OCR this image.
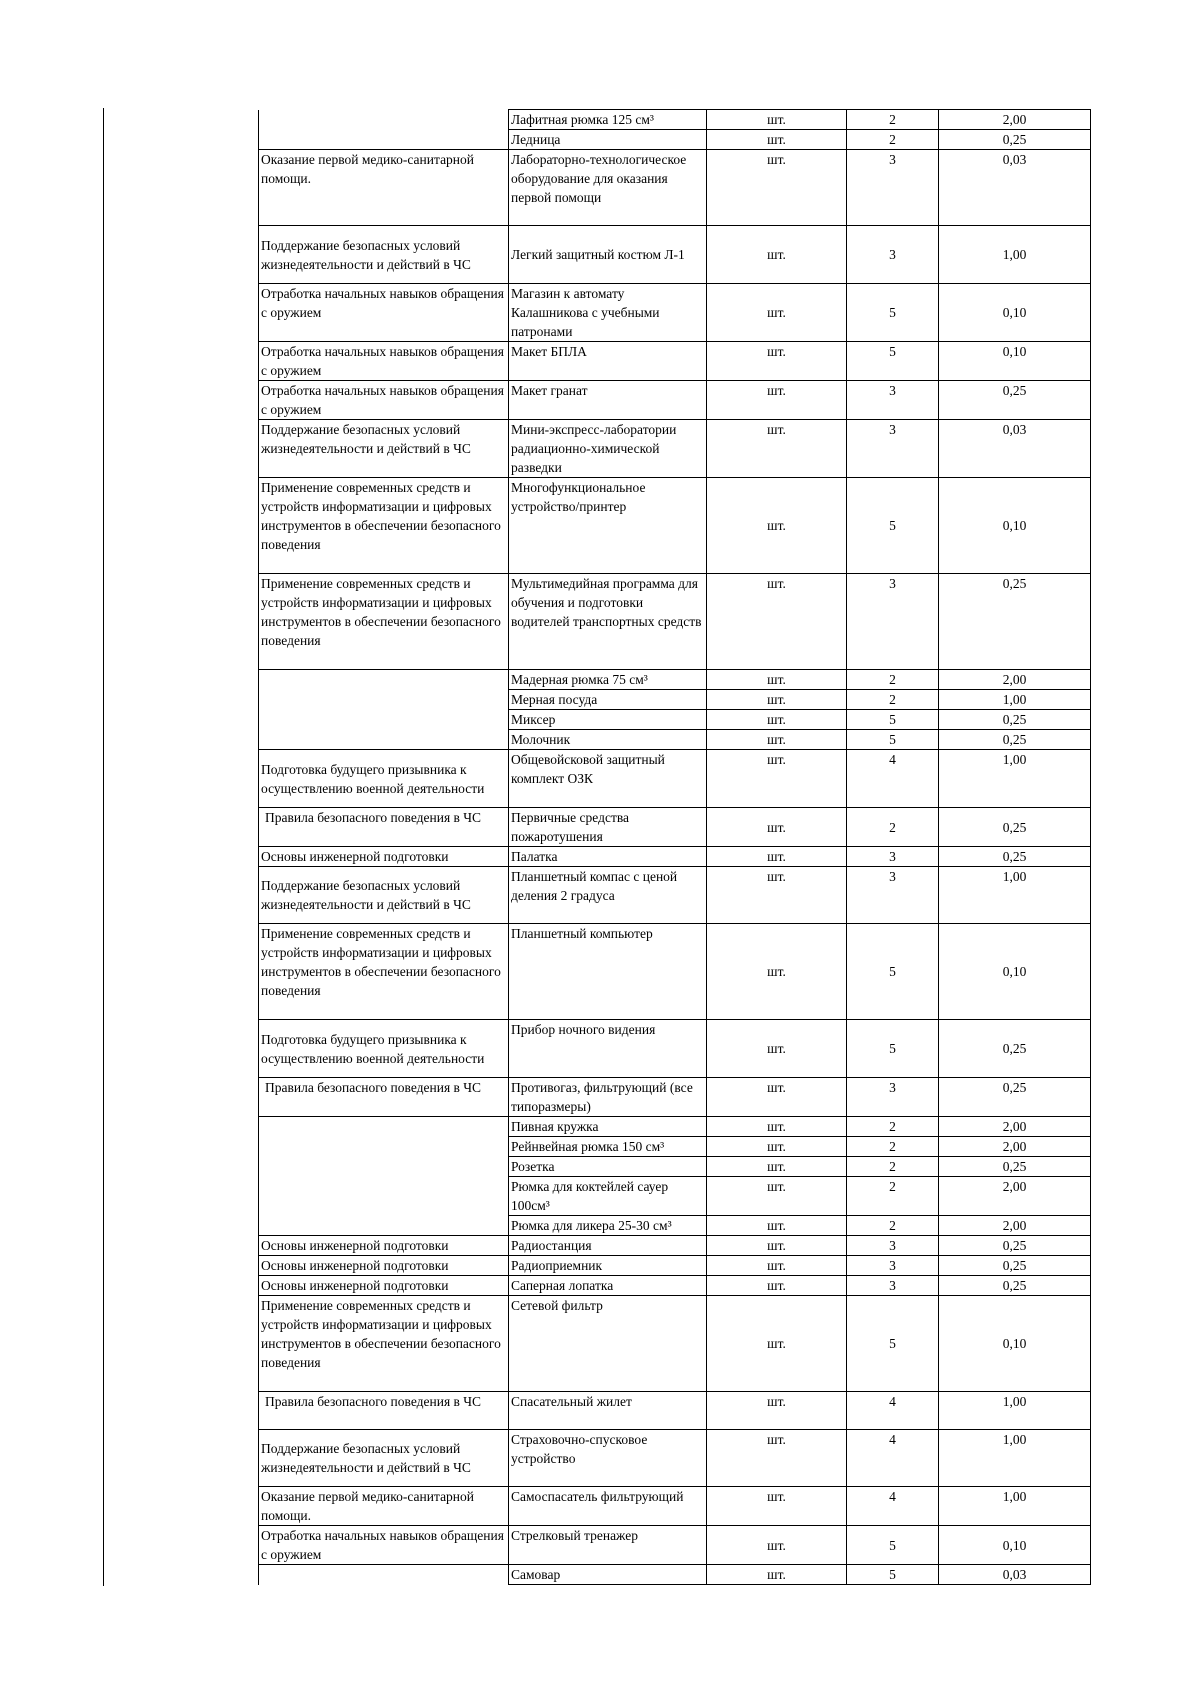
	Лафитная рюмка 125 см³	шт.	2	2,00
	Ледница	шт.	2	0,25
Оказание первой медико-санитарной помощи.	Лабораторно-технологическое оборудование для оказания первой помощи	шт.	3	0,03
Поддержание безопасных условий жизнедеятельности и действий в ЧС	Легкий защитный костюм Л-1	шт.	3	1,00
Отработка начальных навыков обращения с оружием	Магазин к автомату Калашникова с учебными патронами	шт.	5	0,10
Отработка начальных навыков обращения с оружием	Макет БПЛА	шт.	5	0,10
Отработка начальных навыков обращения с оружием	Макет гранат	шт.	3	0,25
Поддержание безопасных условий жизнедеятельности и действий в ЧС	Мини-экспресс-лаборатории радиационно-химической разведки	шт.	3	0,03
Применение современных средств и устройств информатизации и цифровых инструментов в обеспечении безопасного поведения	Многофункциональное устройство/принтер	шт.	5	0,10
Применение современных средств и устройств информатизации и цифровых инструментов в обеспечении безопасного поведения	Мультимедийная программа для обучения и подготовки водителей транспортных средств	шт.	3	0,25
	Мадерная рюмка 75 см³	шт.	2	2,00
	Мерная посуда	шт.	2	1,00
	Миксер	шт.	5	0,25
	Молочник	шт.	5	0,25
Подготовка будущего призывника к осуществлению военной деятельности	Общевойсковой защитный комплект ОЗК	шт.	4	1,00
Правила безопасного поведения в ЧС	Первичные средства пожаротушения	шт.	2	0,25
Основы инженерной подготовки	Палатка	шт.	3	0,25
Поддержание безопасных условий жизнедеятельности и действий в ЧС	Планшетный компас с ценой деления 2 градуса	шт.	3	1,00
Применение современных средств и устройств информатизации и цифровых инструментов в обеспечении безопасного поведения	Планшетный компьютер	шт.	5	0,10
Подготовка будущего призывника к осуществлению военной деятельности	Прибор ночного видения	шт.	5	0,25
Правила безопасного поведения в ЧС	Противогаз, фильтрующий (все типоразмеры)	шт.	3	0,25
	Пивная кружка	шт.	2	2,00
	Рейнвейная рюмка 150 см³	шт.	2	2,00
	Розетка	шт.	2	0,25
	Рюмка для коктейлей сауер 100см³	шт.	2	2,00
	Рюмка для ликера 25-30 см³	шт.	2	2,00
Основы инженерной подготовки	Радиостанция	шт.	3	0,25
Основы инженерной подготовки	Радиоприемник	шт.	3	0,25
Основы инженерной подготовки	Саперная лопатка	шт.	3	0,25
Применение современных средств и устройств информатизации и цифровых инструментов в обеспечении безопасного поведения	Сетевой фильтр	шт.	5	0,10
Правила безопасного поведения в ЧС	Спасательный жилет	шт.	4	1,00
Поддержание безопасных условий жизнедеятельности и действий в ЧС	Страховочно-спусковое устройство	шт.	4	1,00
Оказание первой медико-санитарной помощи.	Самоспасатель фильтрующий	шт.	4	1,00
Отработка начальных навыков обращения с оружием	Стрелковый тренажер	шт.	5	0,10
	Самовар	шт.	5	0,03
